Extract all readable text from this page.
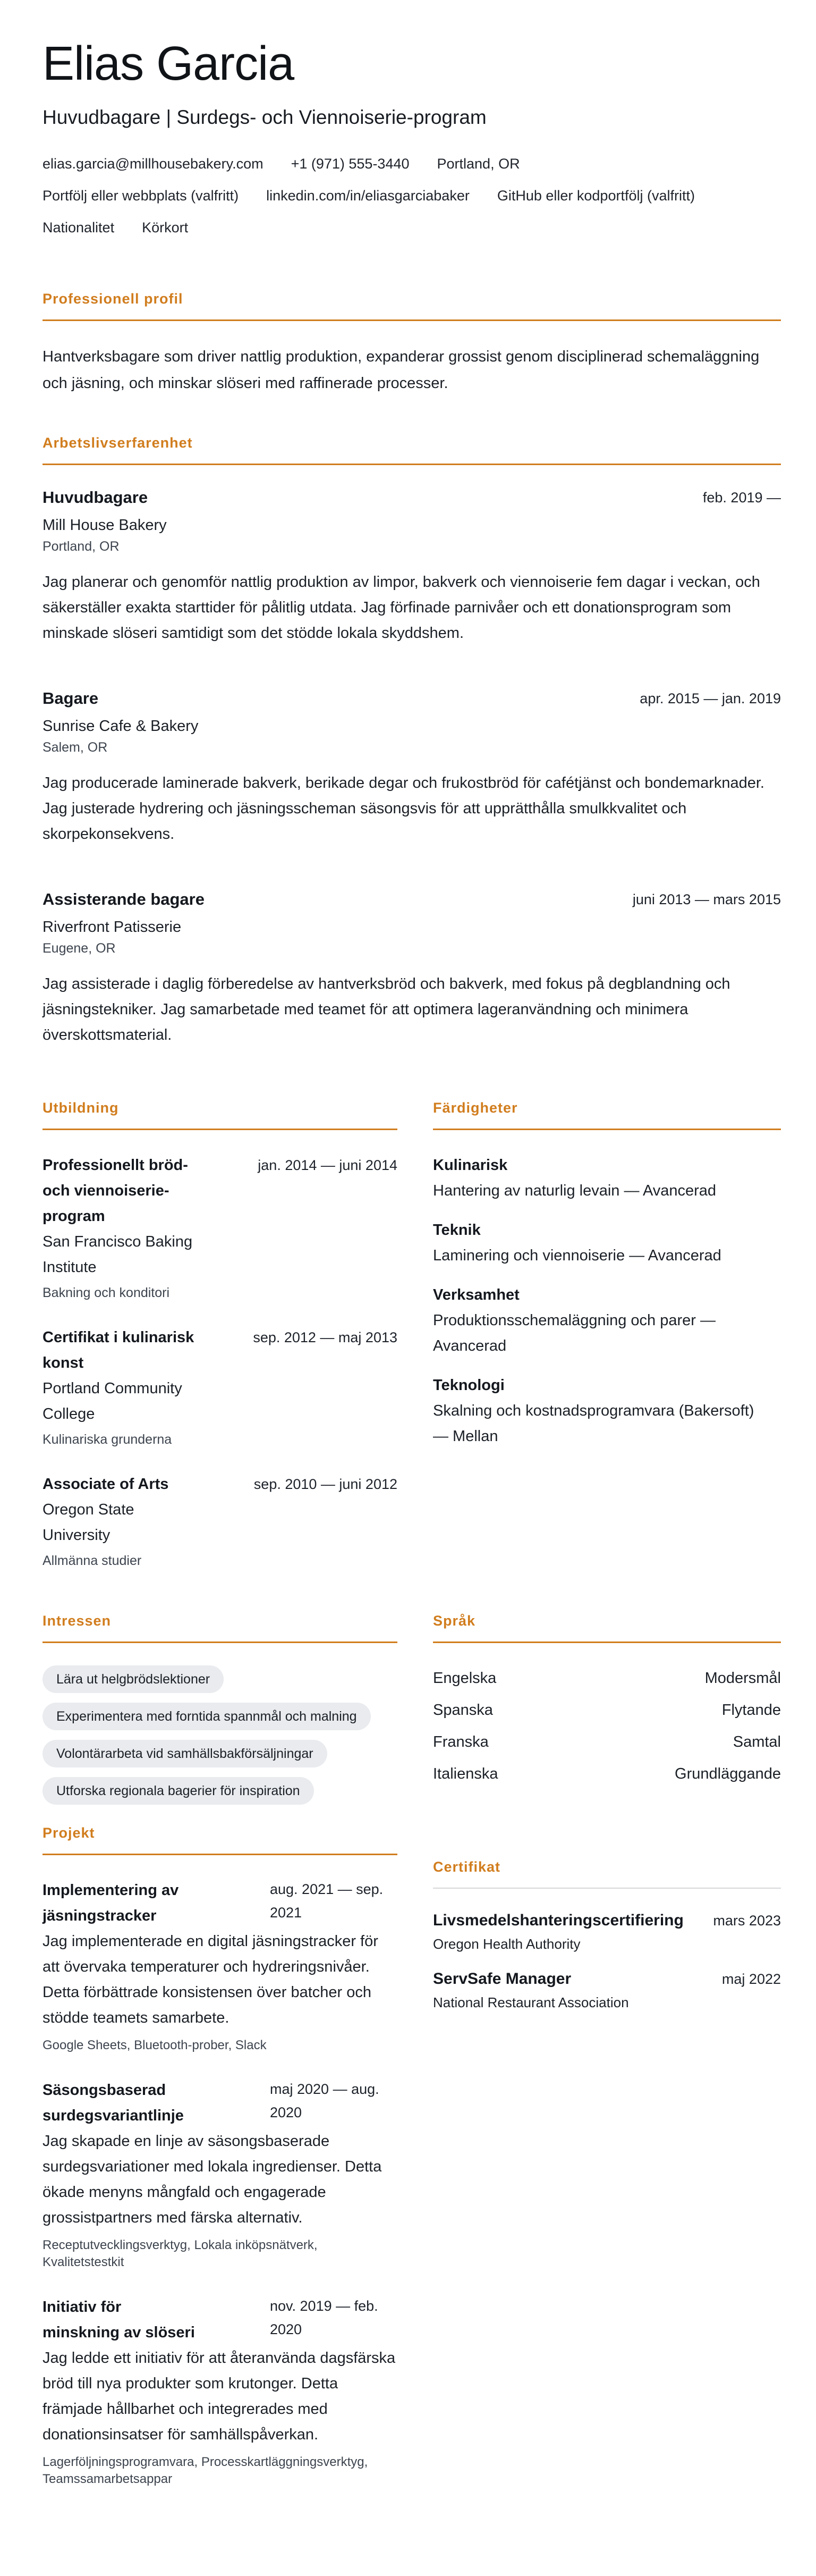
Elias Garcia
Huvudbagare | Surdegs- och Viennoiserie-program
elias.garcia@millhousebakery.com +1 (971) 555-3440 Portland, OR
Portfölj eller webbplats (valfritt) linkedin.com/in/eliasgarciabaker GitHub eller kodportfölj (valfritt)
Nationalitet Körkort
Professionell profil
Hantverksbagare som driver nattlig produktion, expanderar grossist genom disciplinerad schemaläggning och jäsning, och minskar slöseri med raffinerade processer.
Arbetslivserfarenhet
Huvudbagare	feb. 2019 —
Mill House Bakery
Portland, OR
Jag planerar och genomför nattlig produktion av limpor, bakverk och viennoiserie fem dagar i veckan, och säkerställer exakta starttider för pålitlig utdata. Jag förfinade parnivåer och ett donationsprogram som minskade slöseri samtidigt som det stödde lokala skyddshem.
Bagare	apr. 2015 — jan. 2019
Sunrise Cafe & Bakery
Salem, OR
Jag producerade laminerade bakverk, berikade degar och frukostbröd för cafétjänst och bondemarknader. Jag justerade hydrering och jäsningsscheman säsongsvis för att upprätthålla smulkkvalitet och skorpekonsekvens.
Assisterande bagare	juni 2013 — mars 2015
Riverfront Patisserie
Eugene, OR
Jag assisterade i daglig förberedelse av hantverksbröd och bakverk, med fokus på degblandning och jäsningstekniker. Jag samarbetade med teamet för att optimera lageranvändning och minimera överskottsmaterial.
Utbildning
Professionellt bröd- och viennoiserie-program
jan. 2014 — juni 2014
San Francisco Baking Institute
Bakning och konditori
Certifikat i kulinarisk konst
sep. 2012 — maj 2013
Portland Community College
Kulinariska grunderna
Associate of Arts	sep. 2010 — juni 2012
Oregon State University
Allmänna studier
Färdigheter
Kulinarisk
Hantering av naturlig levain — Avancerad
Teknik
Laminering och viennoiserie — Avancerad
Verksamhet
Produktionsschemaläggning och parer — Avancerad
Teknologi
Skalning och kostnadsprogramvara (Bakersoft) — Mellan
Intressen
Lära ut helgbrödslektioner
Experimentera med forntida spannmål och malning
Volontärarbeta vid samhällsbakförsäljningar
Utforska regionala bagerier för inspiration
Språk
Engelska	Modersmål
Spanska	Flytande
Franska	Samtal
Italienska	Grundläggande
Projekt
Implementering av jäsningstracker
aug. 2021 — sep. 2021
Jag implementerade en digital jäsningstracker för att övervaka temperaturer och hydreringsnivåer. Detta förbättrade konsistensen över batcher och stödde teamets samarbete.
Google Sheets, Bluetooth-prober, Slack
Säsongsbaserad surdegsvariantlinje
maj 2020 — aug. 2020
Jag skapade en linje av säsongsbaserade surdegsvariationer med lokala ingredienser. Detta ökade menyns mångfald och engagerade grossistpartners med färska alternativ.
Receptutvecklingsverktyg, Lokala inköpsnätverk, Kvalitetstestkit
Initiativ för minskning av slöseri
nov. 2019 — feb. 2020
Jag ledde ett initiativ för att återanvända dagsfärska bröd till nya produkter som krutonger. Detta främjade hållbarhet och integrerades med donationsinsatser för samhällspåverkan.
Lagerföljningsprogramvara, Processkartläggningsverktyg, Teamssamarbetsappar
Certifikat
Livsmedelshanteringscertifiering mars 2023
Oregon Health Authority
ServSafe Manager	maj 2022
National Restaurant Association
